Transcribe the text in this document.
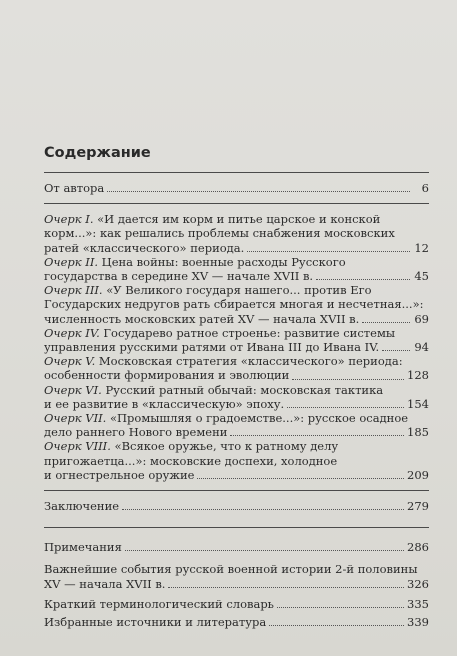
Содержание
От автора	6
Очерк I. «И дается им корм и питье царское и конской
корм...»: как решались проблемы снабжения московских
ратей «классического» периода.	12
Очерк II. Цена войны: военные расходы Русского
государства в середине XV — начале XVII в.	45
Очерк III. «У Великого государя нашего... против Его
Государских недругов рать сбирается многая и несчетная...»:
численность московских ратей XV — начала XVII в.	69
Очерк IV. Государево ратное строенье: развитие системы
управления русскими ратями от Ивана III до Ивана IV.	94
Очерк V. Московская стратегия «классического» периода:
особенности формирования и эволюции	128
Очерк VI. Русский ратный обычай: московская тактика
и ее развитие в «классическую» эпоху.	154
Очерк VII. «Промышляя о градоемстве...»: русское осадное
дело раннего Нового времени	185
Очерк VIII. «Всякое оружье, что к ратному делу
пригожаетца...»: московские доспехи, холодное
и огнестрельное оружие	209
Заключение	279
Примечания	286
Важнейшие события русской военной истории 2-й половины
XV — начала XVII в.	326
Краткий терминологический словарь	335
Избранные источники и литература	339
